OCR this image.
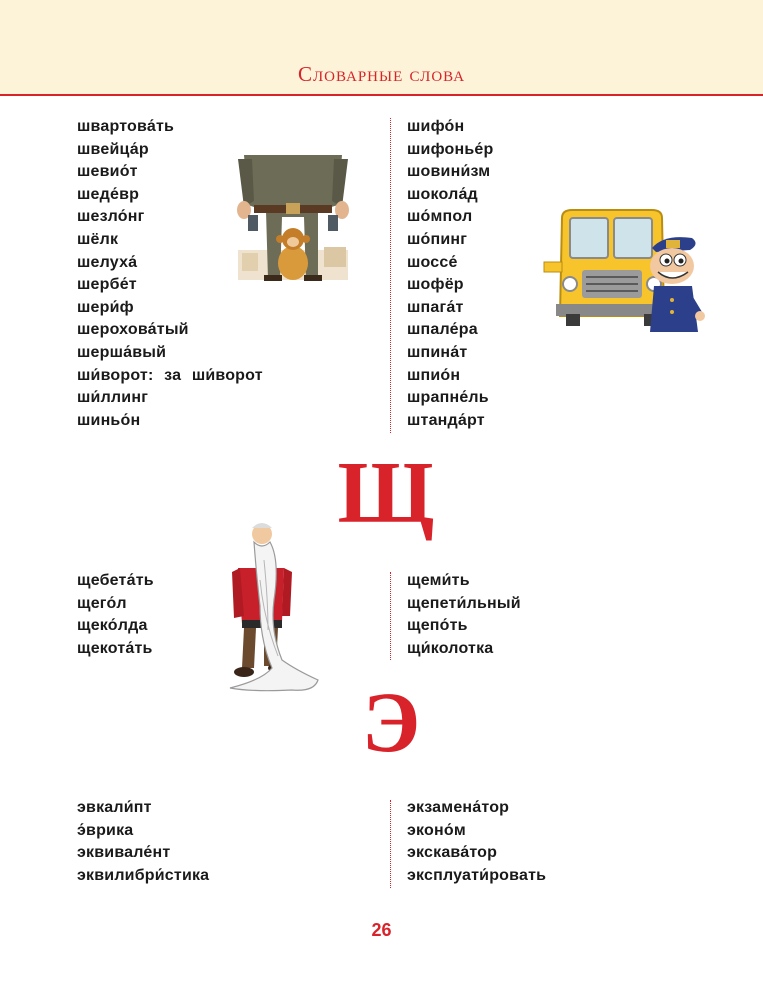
Словарные слова
швартова́ть
швейца́р
шевио́т
шеде́вр
шезло́нг
шёлк
шелуха́
шербе́т
шери́ф
шерохова́тый
шерша́вый
ши́ворот: за ши́ворот
ши́ллинг
шиньо́н
шифо́н
шифонье́р
шовини́зм
шокола́д
шо́мпол
шо́пинг
шоссе́
шофёр
шпага́т
шпале́ра
шпина́т
шпио́н
шрапне́ль
штанда́рт
Щ
щебета́ть
щего́л
щеко́лда
щекота́ть
щеми́ть
щепети́льный
щепо́ть
щи́колотка
Э
эвкали́пт
э́врика
эквивале́нт
эквилибри́стика
экзамена́тор
эконо́м
экскава́тор
эксплуати́ровать
26
